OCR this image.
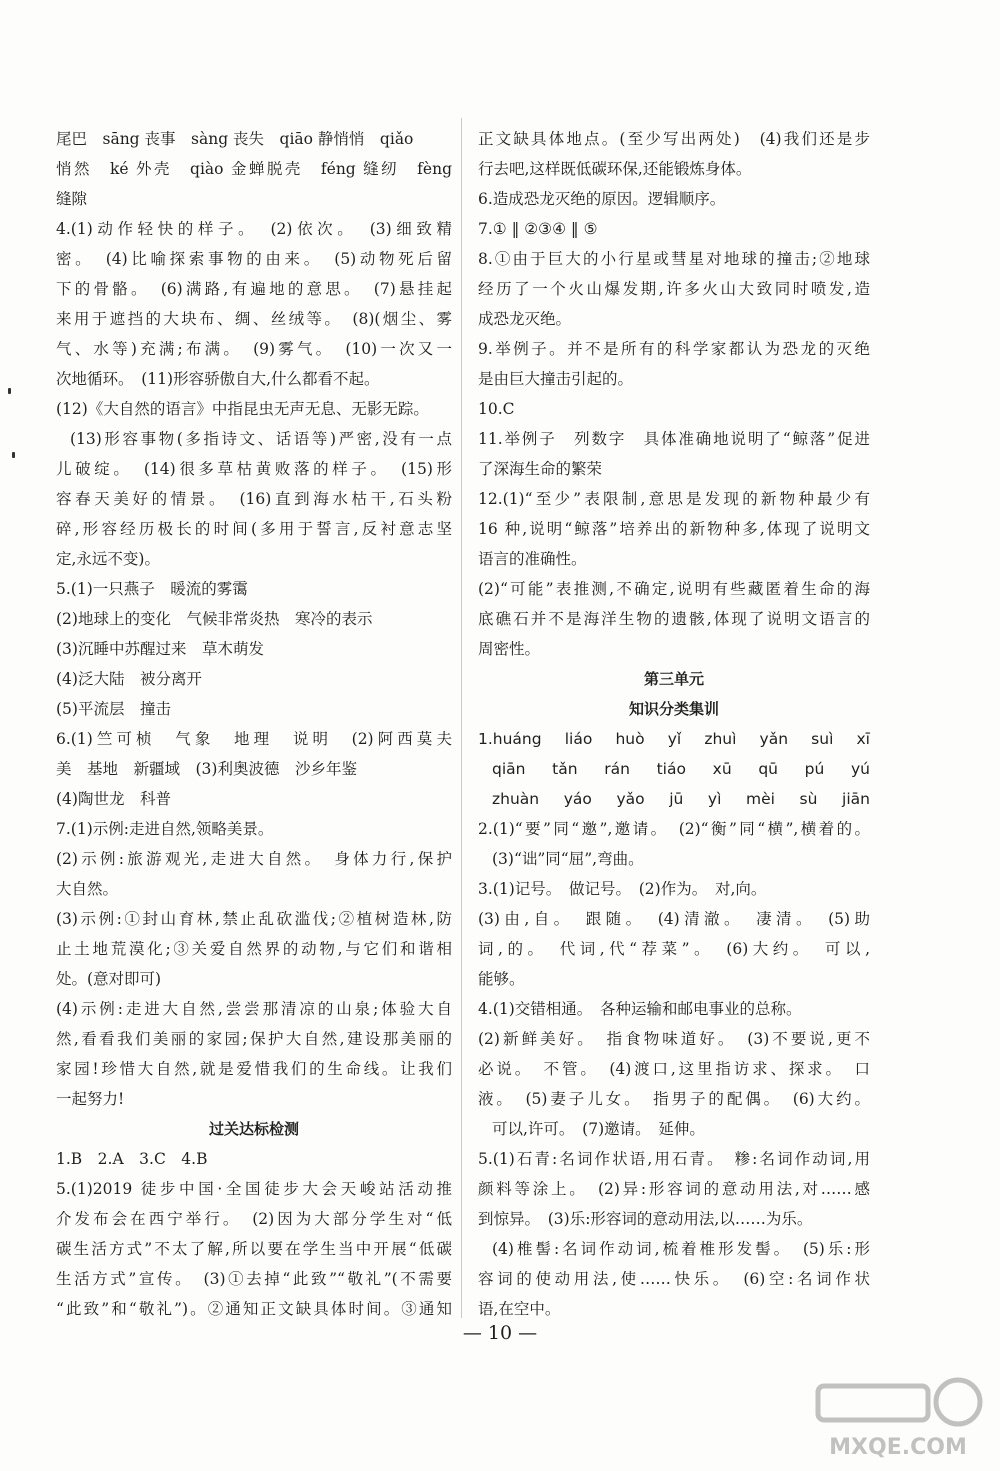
尾巴　sāng 丧事　sàng 丧失　qiāo 静悄悄　qiǎo
悄然　ké 外壳　qiào 金蝉脱壳　féng 缝纫　fèng
缝隙
4.(1)动作轻快的样子。　(2)依次。　(3)细致精
密。　(4)比喻探索事物的由来。　(5)动物死后留
下的骨骼。　(6)满路,有遍地的意思。　(7)悬挂起
来用于遮挡的大块布、绸、丝绒等。　(8)(烟尘、雾
气、水等)充满;布满。　(9)雾气。　(10)一次又一
次地循环。　(11)形容骄傲自大,什么都看不起。
(12)《大自然的语言》中指昆虫无声无息、无影无踪。
(13)形容事物(多指诗文、话语等)严密,没有一点
儿破绽。　(14)很多草枯黄败落的样子。　(15)形
容春天美好的情景。　(16)直到海水枯干,石头粉
碎,形容经历极长的时间(多用于誓言,反衬意志坚
定,永远不变)。
5.(1)一只燕子　暖流的雾霭
(2)地球上的变化　气候非常炎热　寒冷的表示
(3)沉睡中苏醒过来　草木萌发
(4)泛大陆　被分离开
(5)平流层　撞击
6.(1)竺可桢　气象　地理　说明　(2)阿西莫夫
美　基地　新疆域　(3)利奥波德　沙乡年鉴
(4)陶世龙　科普
7.(1)示例:走进自然,领略美景。
(2)示例:旅游观光,走进大自然。　身体力行,保护
大自然。
(3)示例:①封山育林,禁止乱砍滥伐;②植树造林,防
止土地荒漠化;③关爱自然界的动物,与它们和谐相
处。(意对即可)
(4)示例:走进大自然,尝尝那清凉的山泉;体验大自
然,看看我们美丽的家园;保护大自然,建设那美丽的
家园!珍惜大自然,就是爱惜我们的生命线。让我们
一起努力!
过关达标检测
1.B　2.A　3.C　4.B
5.(1)2019 徒步中国·全国徒步大会天峻站活动推
介发布会在西宁举行。　(2)因为大部分学生对“低
碳生活方式”不太了解,所以要在学生当中开展“低碳
生活方式”宣传。　(3)①去掉“此致”“敬礼”(不需要
“此致”和“敬礼”)。②通知正文缺具体时间。③通知
正文缺具体地点。(至少写出两处)　(4)我们还是步
行去吧,这样既低碳环保,还能锻炼身体。
6.造成恐龙灭绝的原因。逻辑顺序。
7.① ‖ ②③④ ‖ ⑤
8.①由于巨大的小行星或彗星对地球的撞击;②地球
经历了一个火山爆发期,许多火山大致同时喷发,造
成恐龙灭绝。
9.举例子。并不是所有的科学家都认为恐龙的灭绝
是由巨大撞击引起的。
10.C
11.举例子　列数字　具体准确地说明了“鲸落”促进
了深海生命的繁荣
12.(1)“至少”表限制,意思是发现的新物种最少有
16 种,说明“鲸落”培养出的新物种多,体现了说明文
语言的准确性。
(2)“可能”表推测,不确定,说明有些藏匿着生命的海
底礁石并不是海洋生物的遗骸,体现了说明文语言的
周密性。
第三单元
知识分类集训
1.huáng　liáo　huò　yǐ　zhuì　yǎn　suì　xī
qiān　tǎn　rán　tiáo　xū　qū　pú　yú
zhuàn　yáo　yǎo　jū　yì　mèi　sù　jiān
2.(1)“要”同“邀”,邀请。　(2)“衡”同“横”,横着的。
(3)“诎”同“屈”,弯曲。
3.(1)记号。　做记号。　(2)作为。　对,向。
(3)由,自。　跟随。　(4)清澈。　凄清。　(5)助
词,的。　代词,代“荐菜”。　(6)大约。　可以,
能够。
4.(1)交错相通。　各种运输和邮电事业的总称。
(2)新鲜美好。　指食物味道好。　(3)不要说,更不
必说。　不管。　(4)渡口,这里指访求、探求。　口
液。　(5)妻子儿女。　指男子的配偶。　(6)大约。
可以,许可。　(7)邀请。　延伸。
5.(1)石青:名词作状语,用石青。　糁:名词作动词,用
颜料等涂上。　(2)异:形容词的意动用法,对……感
到惊异。　(3)乐:形容词的意动用法,以……为乐。
(4)椎髻:名词作动词,梳着椎形发髻。　(5)乐:形
容词的使动用法,使……快乐。　(6)空:名词作状
语,在空中。
— 10 —
MXQE.COM
